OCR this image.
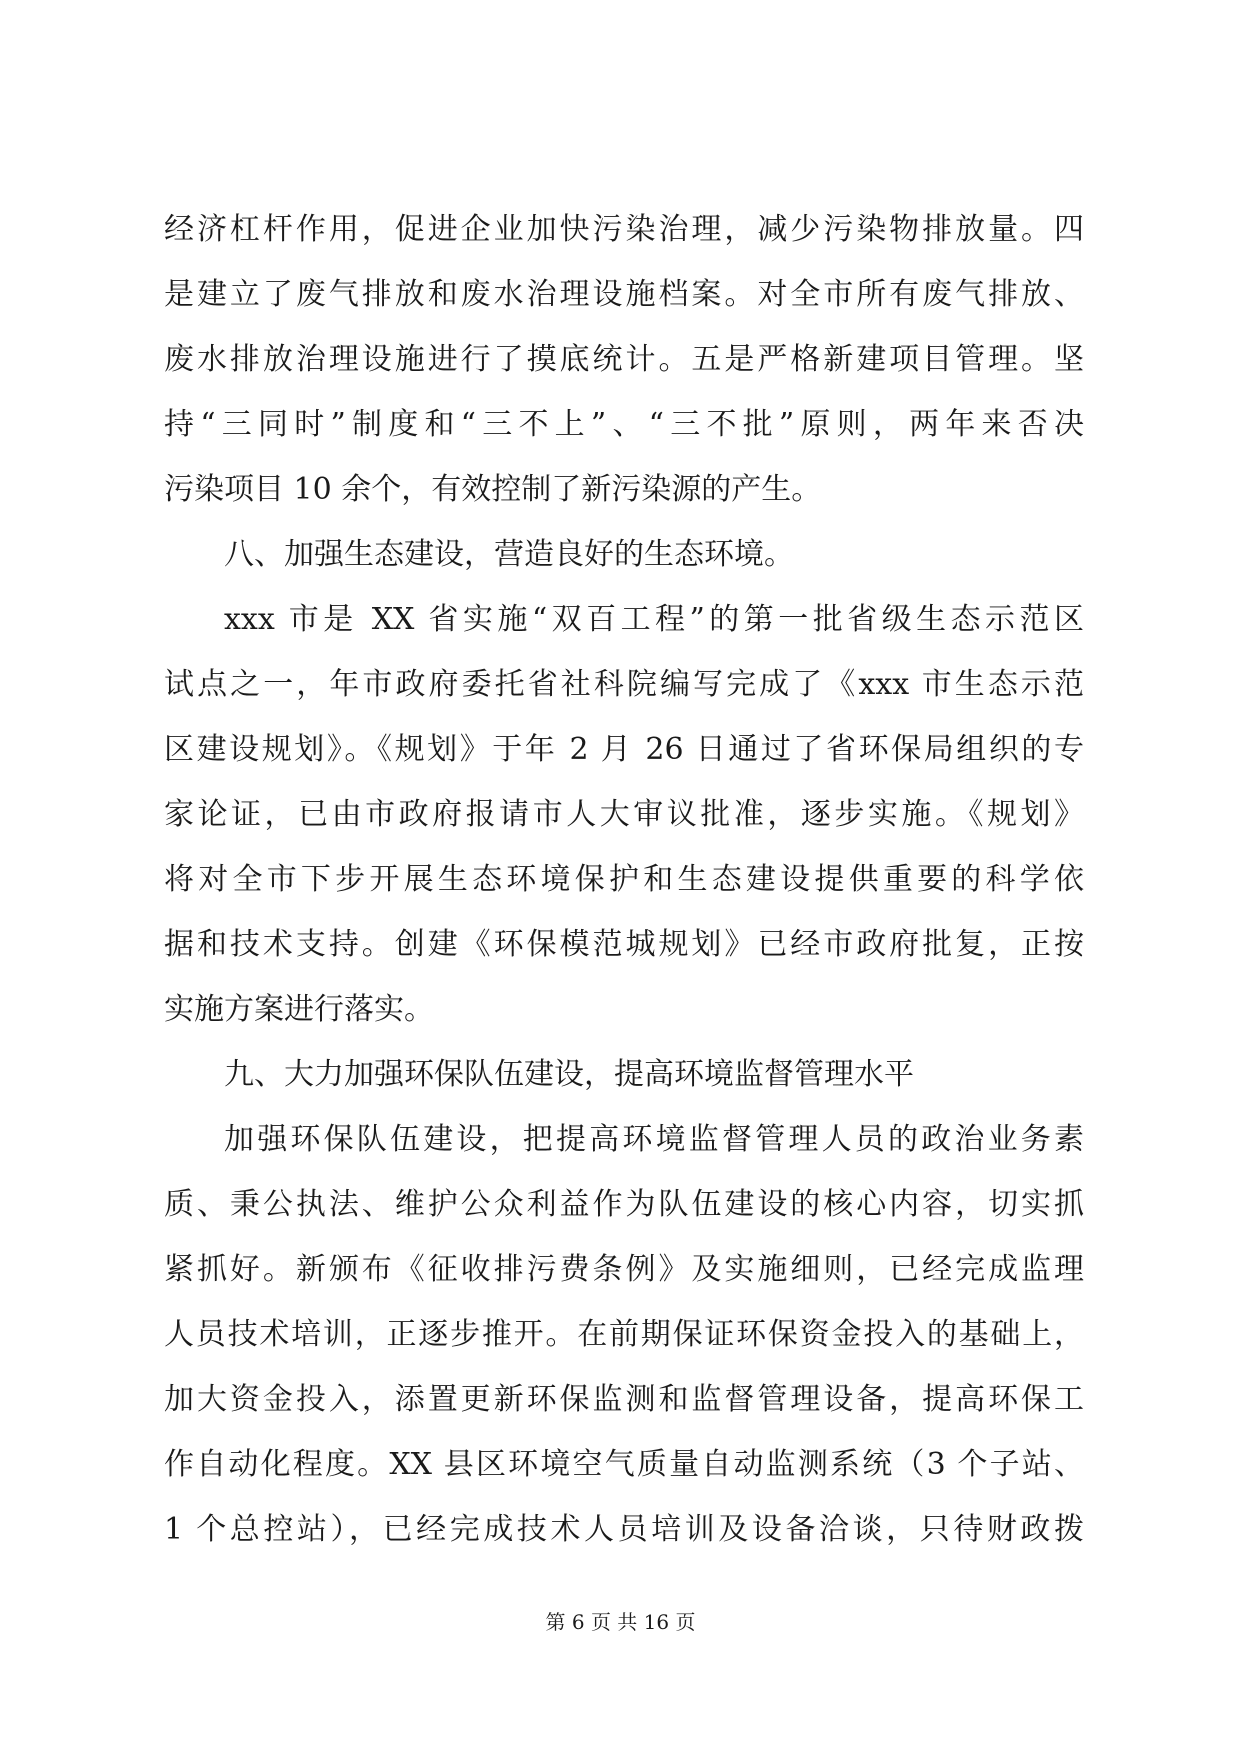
经济杠杆作用，促进企业加快污染治理，减少污染物排放量。四
是建立了废气排放和废水治理设施档案。对全市所有废气排放、
废水排放治理设施进行了摸底统计。五是严格新建项目管理。坚
持“三同时”制度和“三不上”、“三不批”原则，两年来否决
污染项目 10 余个，有效控制了新污染源的产生。
八、加强生态建设，营造良好的生态环境。
xxx 市是 XX 省实施“双百工程”的第一批省级生态示范区
试点之一，年市政府委托省社科院编写完成了《xxx 市生态示范
区建设规划》。《规划》于年 2 月 26 日通过了省环保局组织的专
家论证，已由市政府报请市人大审议批准，逐步实施。《规划》
将对全市下步开展生态环境保护和生态建设提供重要的科学依
据和技术支持。创建《环保模范城规划》已经市政府批复，正按
实施方案进行落实。
九、大力加强环保队伍建设，提高环境监督管理水平
加强环保队伍建设，把提高环境监督管理人员的政治业务素
质、秉公执法、维护公众利益作为队伍建设的核心内容，切实抓
紧抓好。新颁布《征收排污费条例》及实施细则，已经完成监理
人员技术培训，正逐步推开。在前期保证环保资金投入的基础上，
加大资金投入，添置更新环保监测和监督管理设备，提高环保工
作自动化程度。XX 县区环境空气质量自动监测系统（3 个子站、
1 个总控站），已经完成技术人员培训及设备洽谈，只待财政拨
第 6 页 共 16 页
